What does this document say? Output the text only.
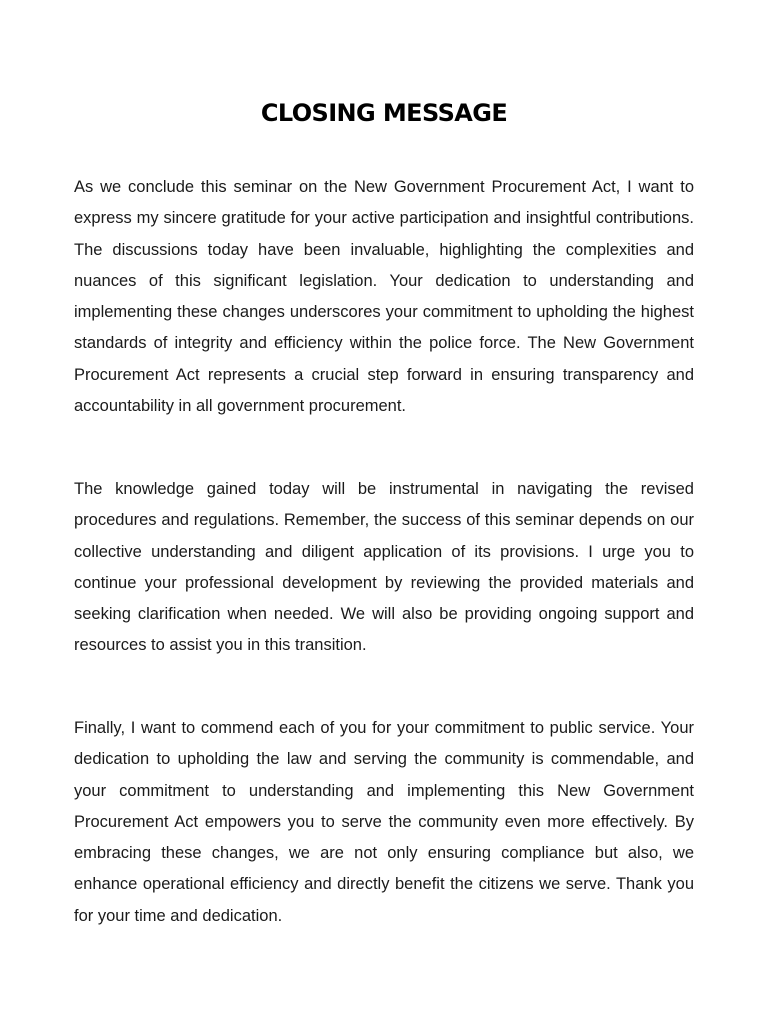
CLOSING MESSAGE

As we conclude this seminar on the New Government Procurement Act, I want to express my sincere gratitude for your active participation and insightful contributions. The discussions today have been invaluable, highlighting the complexities and nuances of this significant legislation. Your dedication to understanding and implementing these changes underscores your commitment to upholding the highest standards of integrity and efficiency within the police force. The New Government Procurement Act represents a crucial step forward in ensuring transparency and accountability in all government procurement.

The knowledge gained today will be instrumental in navigating the revised procedures and regulations. Remember, the success of this seminar depends on our collective understanding and diligent application of its provisions. I urge you to continue your professional development by reviewing the provided materials and seeking clarification when needed. We will also be providing ongoing support and resources to assist you in this transition.

Finally, I want to commend each of you for your commitment to public service. Your dedication to upholding the law and serving the community is commendable, and your commitment to understanding and implementing this New Government Procurement Act empowers you to serve the community even more effectively. By embracing these changes, we are not only ensuring compliance but also, we enhance operational efficiency and directly benefit the citizens we serve. Thank you for your time and dedication.
